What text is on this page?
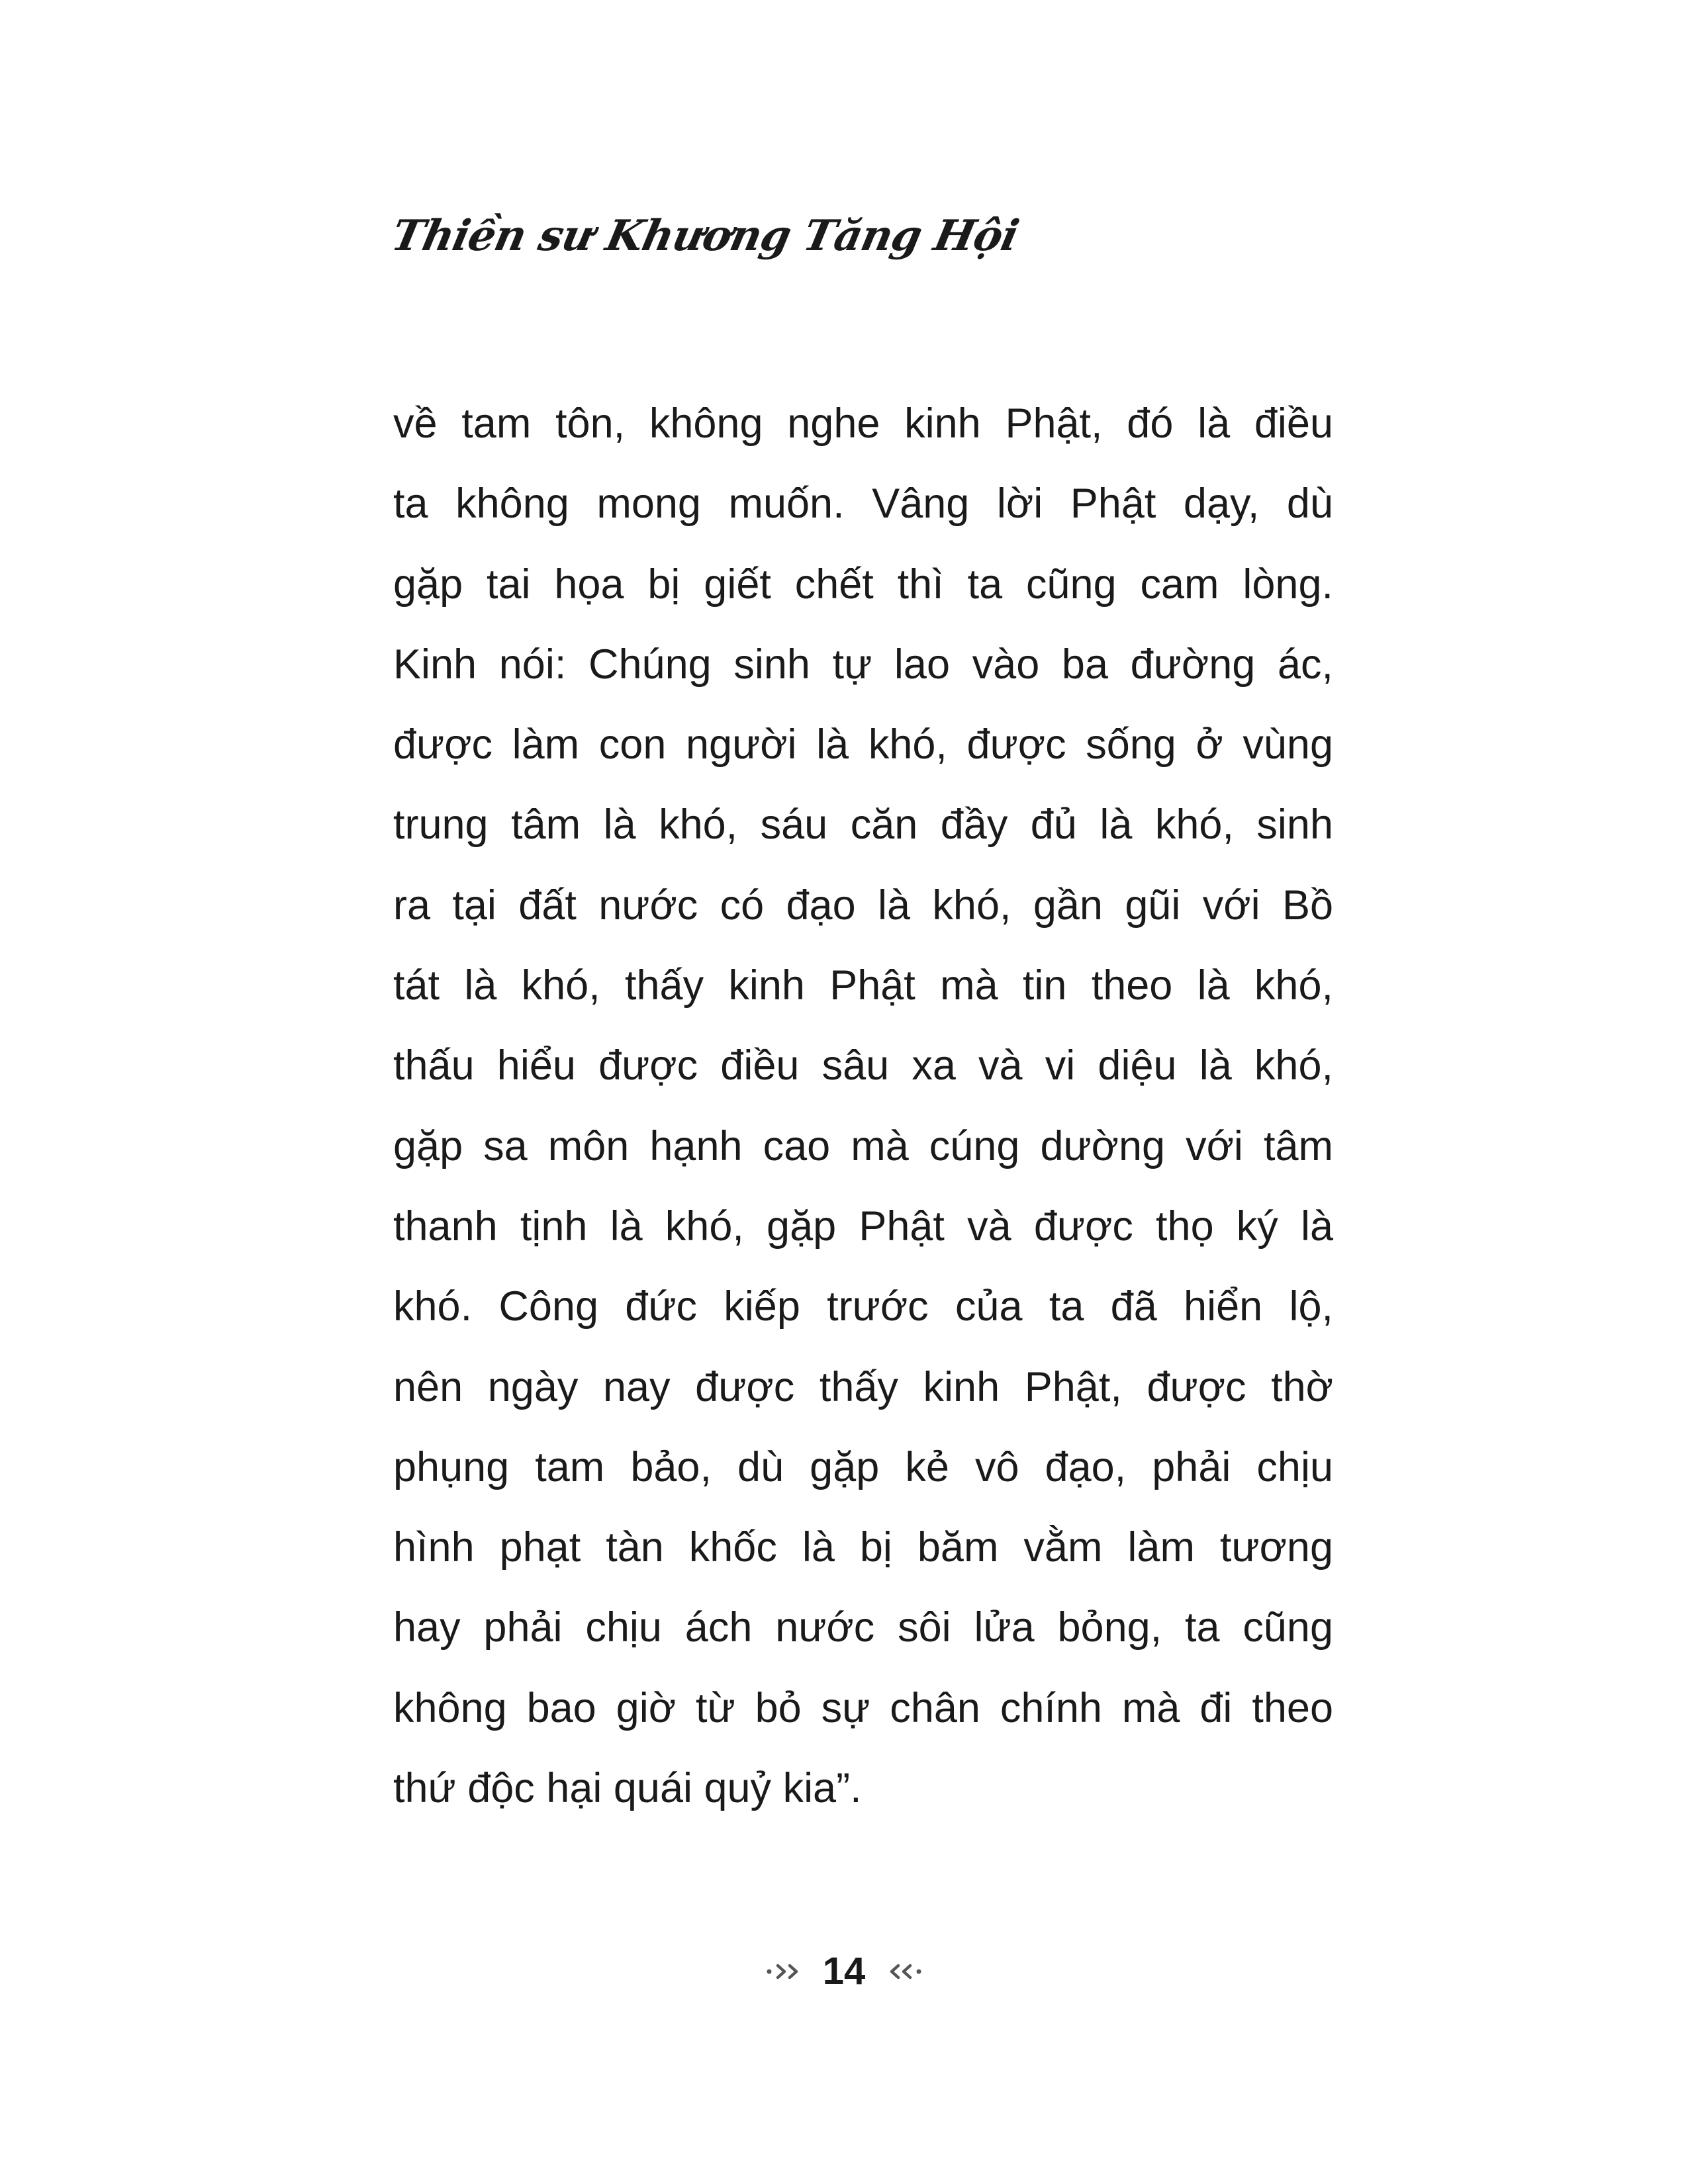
Thiền sư Khương Tăng Hội
về tam tôn, không nghe kinh Phật, đó là điều
ta không mong muốn. Vâng lời Phật dạy, dù
gặp tai họa bị giết chết thì ta cũng cam lòng.
Kinh nói: Chúng sinh tự lao vào ba đường ác,
được làm con người là khó, được sống ở vùng
trung tâm là khó, sáu căn đầy đủ là khó, sinh
ra tại đất nước có đạo là khó, gần gũi với Bồ
tát là khó, thấy kinh Phật mà tin theo là khó,
thấu hiểu được điều sâu xa và vi diệu là khó,
gặp sa môn hạnh cao mà cúng dường với tâm
thanh tịnh là khó, gặp Phật và được thọ ký là
khó. Công đức kiếp trước của ta đã hiển lộ,
nên ngày nay được thấy kinh Phật, được thờ
phụng tam bảo, dù gặp kẻ vô đạo, phải chịu
hình phạt tàn khốc là bị băm vằm làm tương
hay phải chịu ách nước sôi lửa bỏng, ta cũng
không bao giờ từ bỏ sự chân chính mà đi theo
thứ độc hại quái quỷ kia”.
14
